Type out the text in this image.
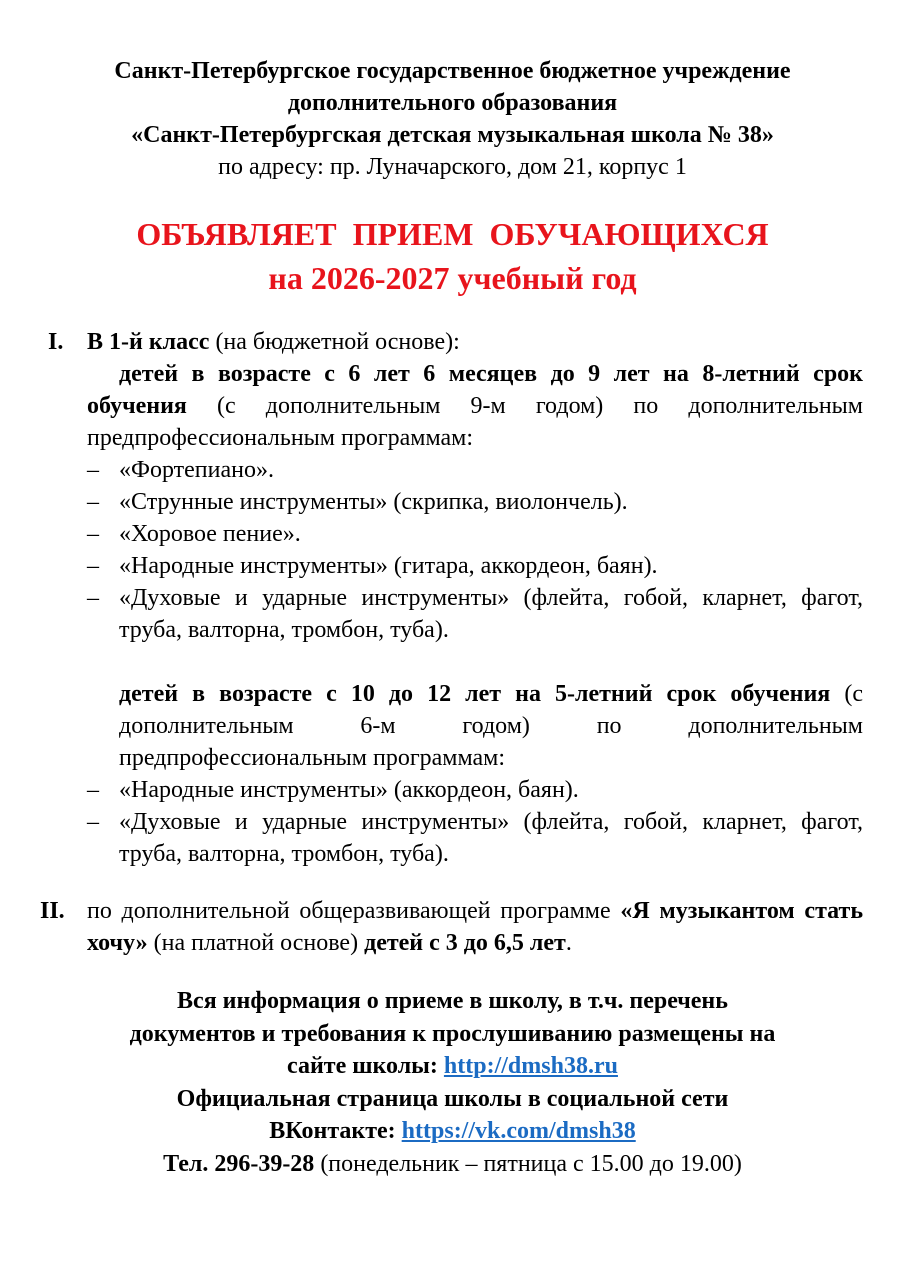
Санкт-Петербургское государственное бюджетное учреждение
дополнительного образования
«Санкт-Петербургская детская музыкальная школа № 38»
по адресу: пр. Луначарского, дом 21, корпус 1
ОБЪЯВЛЯЕТ  ПРИЕМ  ОБУЧАЮЩИХСЯ
на 2026-2027 учебный год
I. В 1-й класс (на бюджетной основе):
детей в возрасте с 6 лет 6 месяцев до 9 лет на 8-летний срок обучения (с дополнительным 9-м годом) по дополнительным предпрофессиональным программам:
– «Фортепиано».
– «Струнные инструменты» (скрипка, виолончель).
– «Хоровое пение».
– «Народные инструменты» (гитара, аккордеон, баян).
– «Духовые и ударные инструменты» (флейта, гобой, кларнет, фагот, труба, валторна, тромбон, туба).
детей в возрасте с 10 до 12 лет на 5-летний срок обучения (с дополнительным 6-м годом) по дополнительным предпрофессиональным программам:
– «Народные инструменты» (аккордеон, баян).
– «Духовые и ударные инструменты» (флейта, гобой, кларнет, фагот, труба, валторна, тромбон, туба).
II. по дополнительной общеразвивающей программе «Я музыкантом стать хочу» (на платной основе) детей с 3 до 6,5 лет.
Вся информация о приеме в школу, в т.ч. перечень
документов и требования к прослушиванию размещены на
сайте школы: http://dmsh38.ru
Официальная страница школы в социальной сети
ВКонтакте: https://vk.com/dmsh38
Тел. 296-39-28 (понедельник – пятница с 15.00 до 19.00)
